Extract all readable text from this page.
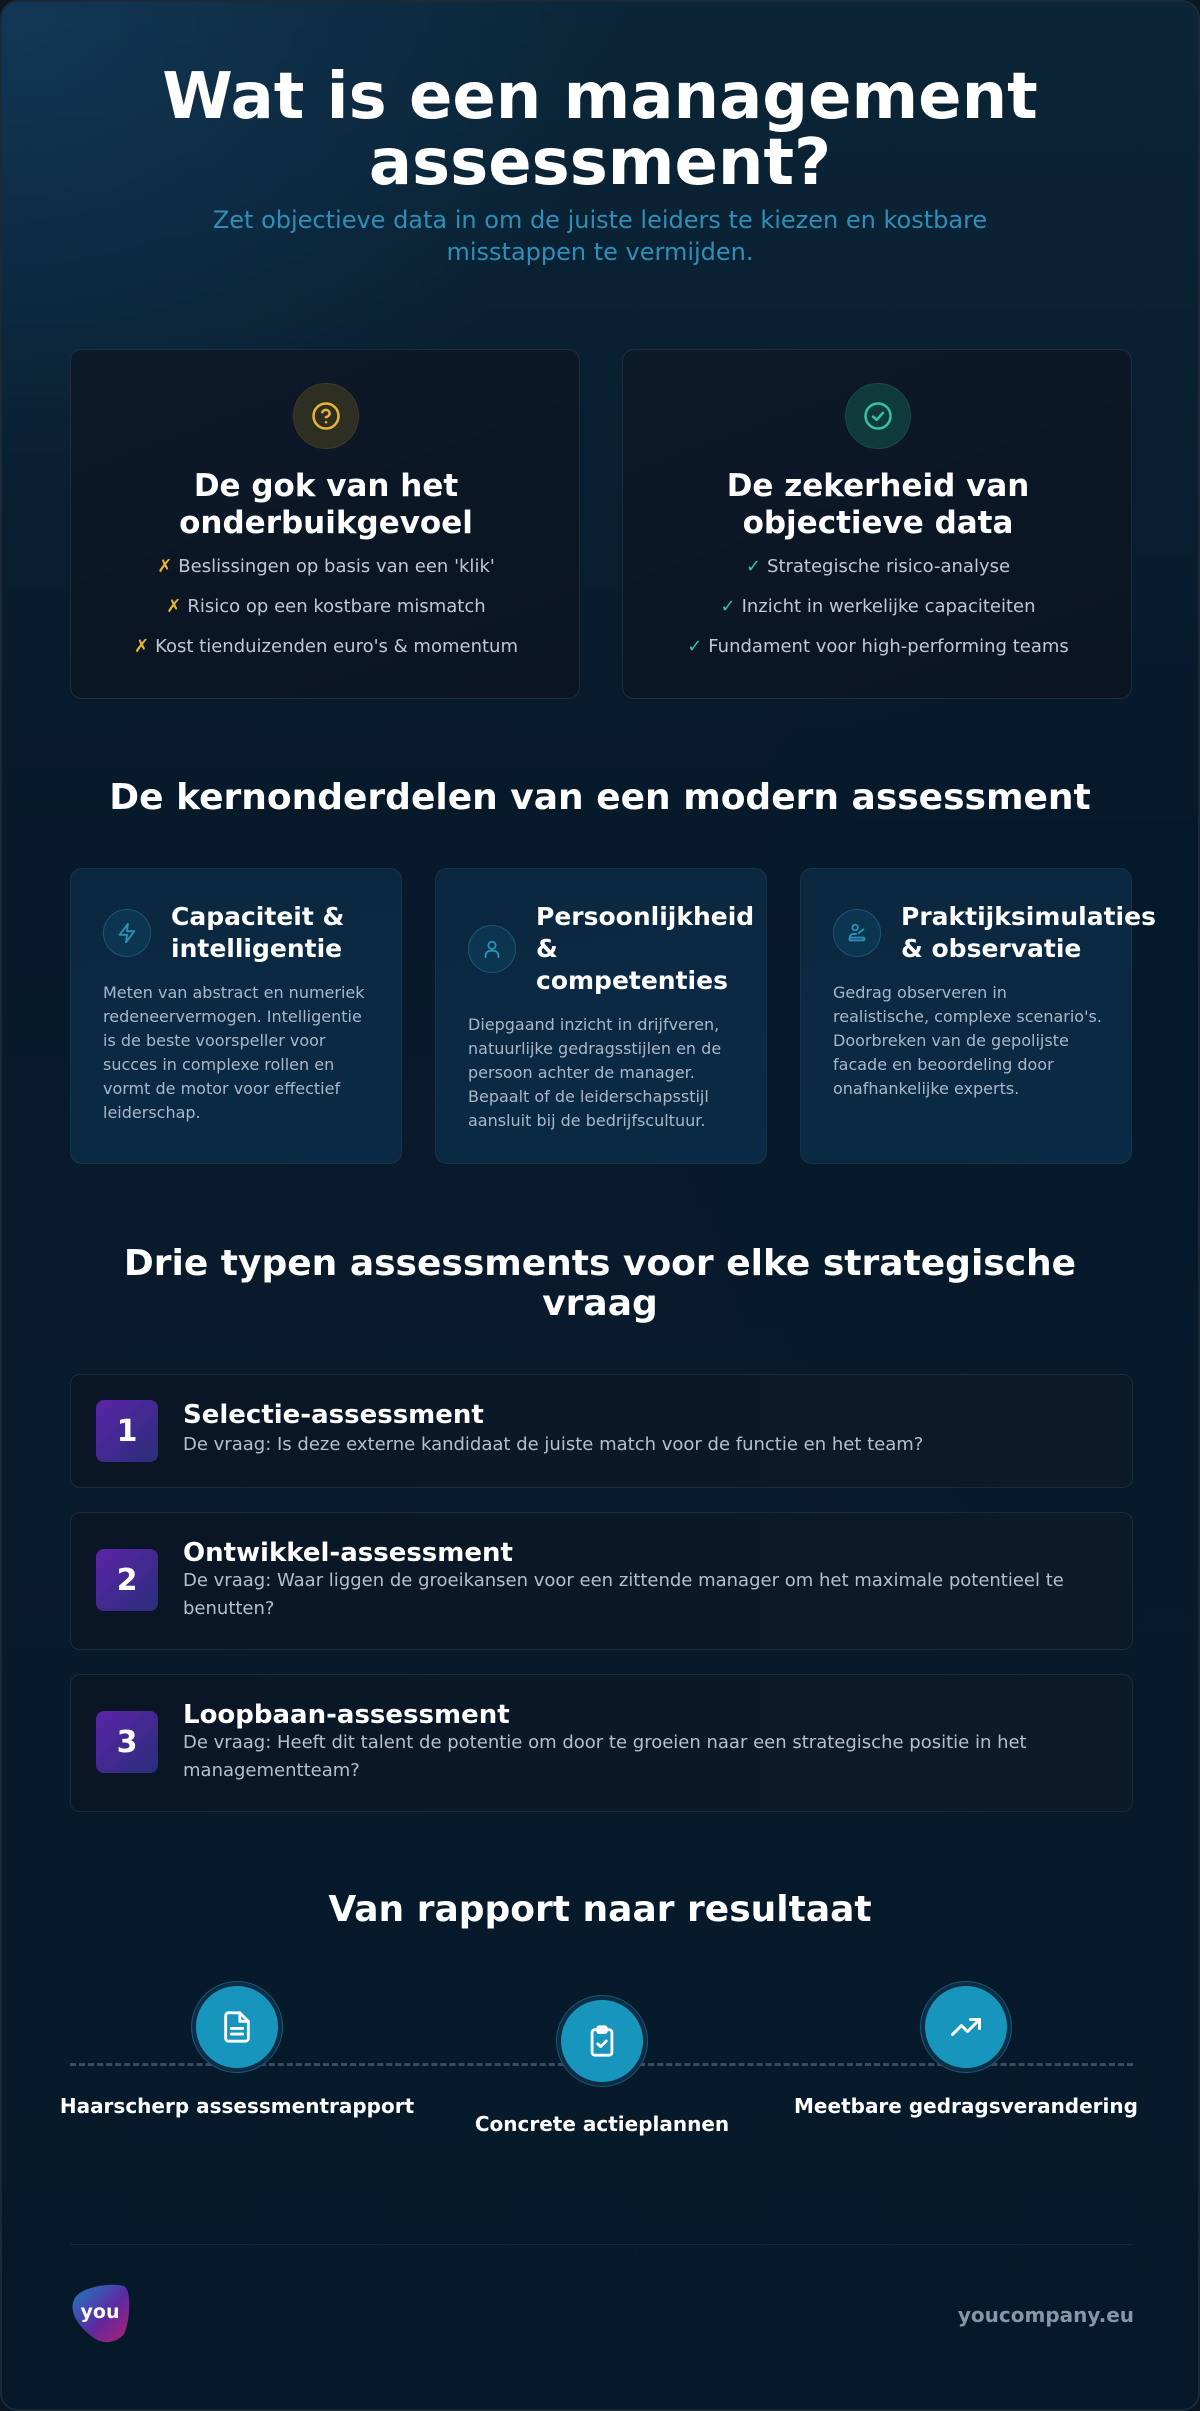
Wat is een management assessment?

Zet objectieve data in om de juiste leiders te kiezen en kostbare misstappen te vermijden.

De gok van het onderbuikgevoel
✗ Beslissingen op basis van een 'klik'
✗ Risico op een kostbare mismatch
✗ Kost tienduizenden euro's & momentum
De zekerheid van objectieve data
✓ Strategische risico-analyse
✓ Inzicht in werkelijke capaciteiten
✓ Fundament voor high-performing teams
De kernonderdelen van een modern assessment
Capaciteit & intelligentie

Meten van abstract en numeriek redeneervermogen. Intelligentie is de beste voorspeller voor succes in complexe rollen en vormt de motor voor effectief leiderschap.

Persoonlijkheid & competenties

Diepgaand inzicht in drijfveren, natuurlijke gedragsstijlen en de persoon achter de manager. Bepaalt of de leiderschapsstijl aansluit bij de bedrijfscultuur.

Praktijksimulaties & observatie

Gedrag observeren in realistische, complexe scenario's. Doorbreken van de gepolijste facade en beoordeling door onafhankelijke experts.

Drie typen assessments voor elke strategische vraag
1	Selectie-assessment

De vraag: Is deze externe kandidaat de juiste match voor de functie en het team?

2
Ontwikkel-assessment

De vraag: Waar liggen de groeikansen voor een zittende manager om het maximale potentieel te benutten?

3
Loopbaan-assessment

De vraag: Heeft dit talent de potentie om door te groeien naar een strategische positie in het managementteam?

Van rapport naar resultaat

Haarscherp assessmentrapport

Concrete actieplannen

Meetbare gedragsverandering

you	youcompany.eu
